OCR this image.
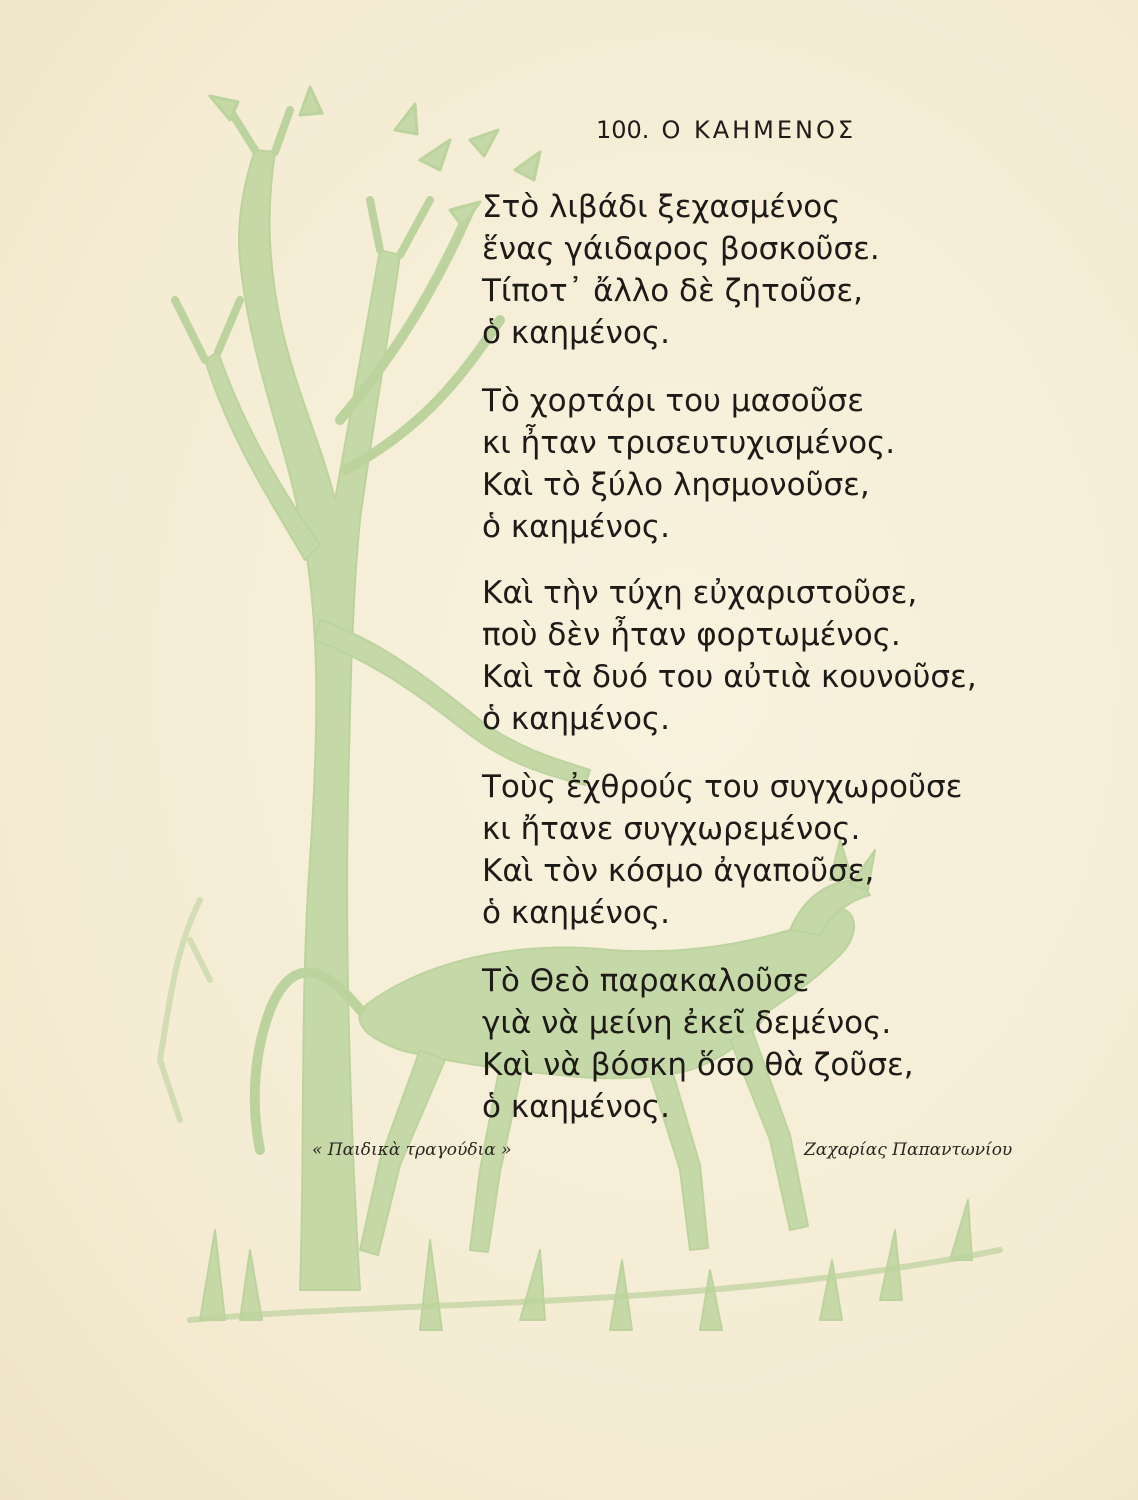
100. Ο ΚΑΗΜΕΝΟΣ
Στὸ λιβάδι ξεχασμένος
ἕνας γάιδαρος βοσκοῦσε.
Τίποτ᾽ ἄλλο δὲ ζητοῦσε,
ὁ καημένος.
Τὸ χορτάρι του μασοῦσε
κι ἦταν τρισευτυχισμένος.
Καὶ τὸ ξύλο λησμονοῦσε,
ὁ καημένος.
Καὶ τὴν τύχη εὐχαριστοῦσε,
ποὺ δὲν ἦταν φορτωμένος.
Καὶ τὰ δυό του αὐτιὰ κουνοῦσε,
ὁ καημένος.
Τοὺς ἐχθρούς του συγχωροῦσε
κι ἤτανε συγχωρεμένος.
Καὶ τὸν κόσμο ἀγαποῦσε,
ὁ καημένος.
Τὸ Θεὸ παρακαλοῦσε
γιὰ νὰ μείνη ἐκεῖ δεμένος.
Καὶ νὰ βόσκη ὅσο θὰ ζοῦσε,
ὁ καημένος.
« Παιδικὰ τραγούδια »	Ζαχαρίας Παπαντωνίου
